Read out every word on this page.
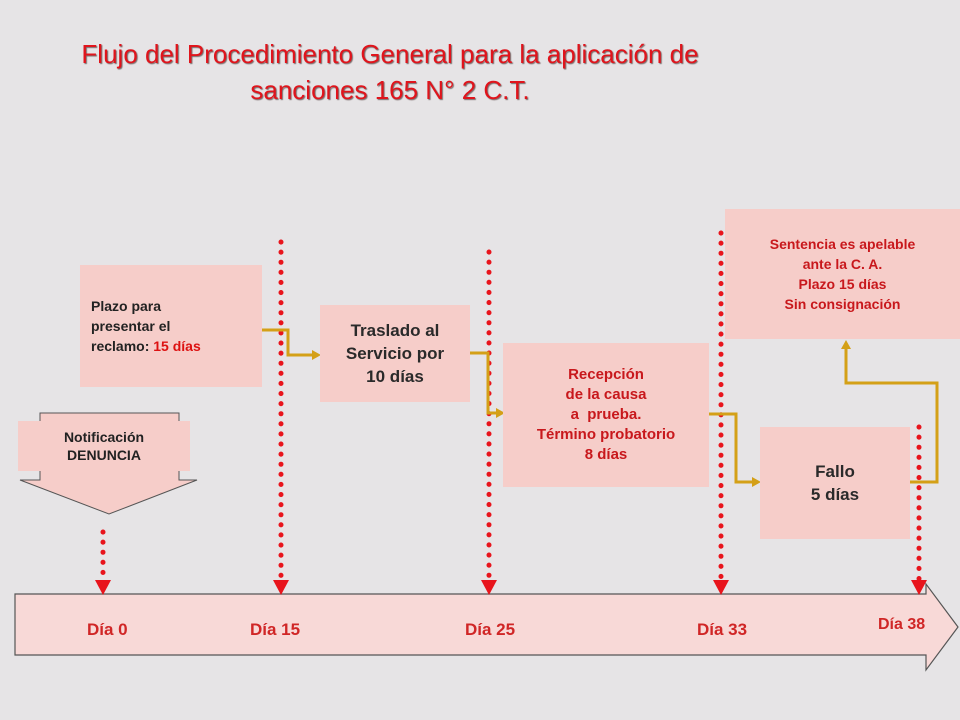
Flujo del Procedimiento General para la aplicación de
sanciones 165 N° 2 C.T.
Notificación
DENUNCIA
Plazo para
presentar el
reclamo: 15 días
Traslado al
Servicio por
10 días	Recepción
de la causa
a  prueba.
Término probatorio
8 días
Fallo
5 días
Sentencia es apelable
ante la C. A.
Plazo 15 días
Sin consignación
Día 0	Día 15	Día 25	Día 33	Día 38
